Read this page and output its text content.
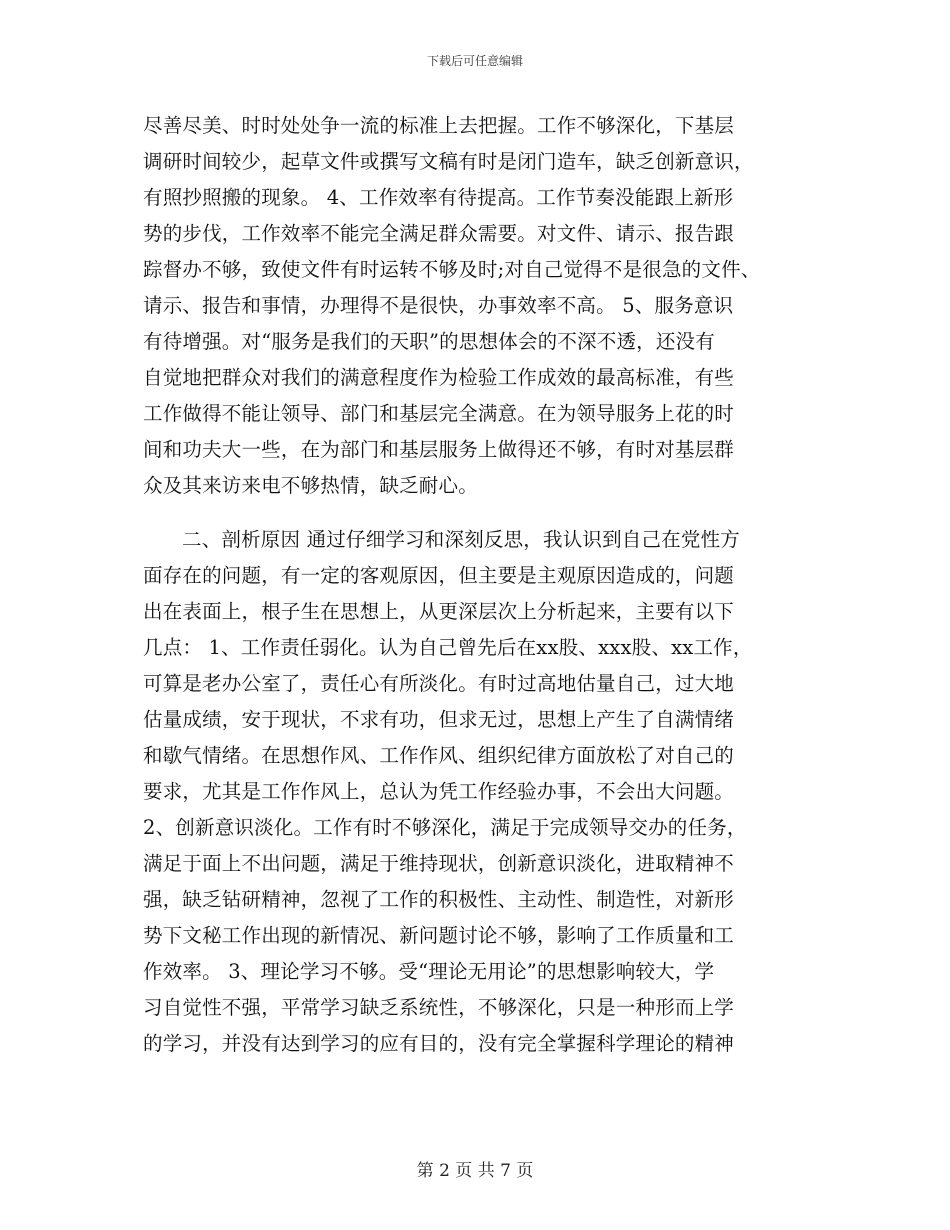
下载后可任意编辑
尽善尽美、时时处处争一流的标准上去把握。工作不够深化，下基层
调研时间较少，起草文件或撰写文稿有时是闭门造车，缺乏创新意识，
有照抄照搬的现象。 4、工作效率有待提高。工作节奏没能跟上新形
势的步伐，工作效率不能完全满足群众需要。对文件、请示、报告跟
踪督办不够，致使文件有时运转不够及时;对自己觉得不是很急的文件、
请示、报告和事情，办理得不是很快，办事效率不高。 5、服务意识
有待增强。对“服务是我们的天职”的思想体会的不深不透，还没有
自觉地把群众对我们的满意程度作为检验工作成效的最高标准，有些
工作做得不能让领导、部门和基层完全满意。在为领导服务上花的时
间和功夫大一些，在为部门和基层服务上做得还不够，有时对基层群
众及其来访来电不够热情，缺乏耐心。
二、剖析原因 通过仔细学习和深刻反思，我认识到自己在党性方
面存在的问题，有一定的客观原因，但主要是主观原因造成的，问题
出在表面上，根子生在思想上，从更深层次上分析起来，主要有以下
几点： 1、工作责任弱化。认为自己曾先后在xx股、xxx股、xx工作，
可算是老办公室了，责任心有所淡化。有时过高地估量自己，过大地
估量成绩，安于现状，不求有功，但求无过，思想上产生了自满情绪
和歇气情绪。在思想作风、工作作风、组织纪律方面放松了对自己的
要求，尤其是工作作风上，总认为凭工作经验办事，不会出大问题。
2、创新意识淡化。工作有时不够深化，满足于完成领导交办的任务，
满足于面上不出问题，满足于维持现状，创新意识淡化，进取精神不
强，缺乏钻研精神，忽视了工作的积极性、主动性、制造性，对新形
势下文秘工作出现的新情况、新问题讨论不够，影响了工作质量和工
作效率。 3、理论学习不够。受“理论无用论”的思想影响较大，学
习自觉性不强，平常学习缺乏系统性，不够深化，只是一种形而上学
的学习，并没有达到学习的应有目的，没有完全掌握科学理论的精神
第 2 页 共 7 页
